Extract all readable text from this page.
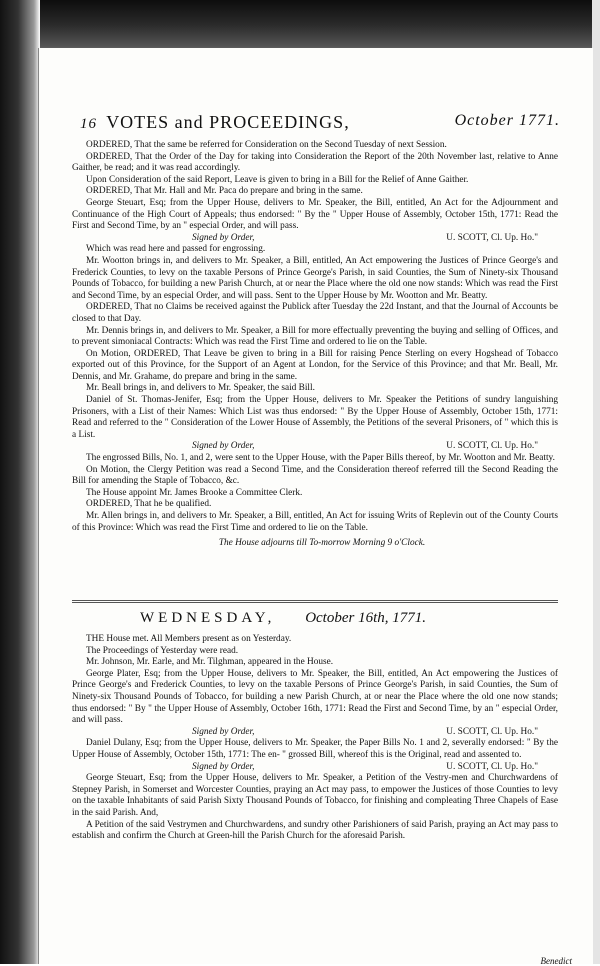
16 VOTES and PROCEEDINGS,	October 1771.

ORDERED, That the same be referred for Consideration on the Second Tuesday of next Session.

ORDERED, That the Order of the Day for taking into Consideration the Report of the 20th November last, relative to Anne Gaither, be read; and it was read accordingly.

Upon Consideration of the said Report, Leave is given to bring in a Bill for the Relief of Anne Gaither.

ORDERED, That Mr. Hall and Mr. Paca do prepare and bring in the same.

George Steuart, Esq; from the Upper House, delivers to Mr. Speaker, the Bill, entitled, An Act for the Adjournment and Continuance of the High Court of Appeals; thus endorsed: " By the " Upper House of Assembly, October 15th, 1771: Read the First and Second Time, by an " especial Order, and will pass.

Signed by Order,	U. SCOTT, Cl. Up. Ho."

Which was read here and passed for engrossing.

Mr. Wootton brings in, and delivers to Mr. Speaker, a Bill, entitled, An Act empowering the Justices of Prince George's and Frederick Counties, to levy on the taxable Persons of Prince George's Parish, in said Counties, the Sum of Ninety-six Thousand Pounds of Tobacco, for building a new Parish Church, at or near the Place where the old one now stands: Which was read the First and Second Time, by an especial Order, and will pass. Sent to the Upper House by Mr. Wootton and Mr. Beatty.

ORDERED, That no Claims be received against the Publick after Tuesday the 22d Instant, and that the Journal of Accounts be closed to that Day.

Mr. Dennis brings in, and delivers to Mr. Speaker, a Bill for more effectually preventing the buying and selling of Offices, and to prevent simoniacal Contracts: Which was read the First Time and ordered to lie on the Table.

On Motion, ORDERED, That Leave be given to bring in a Bill for raising Pence Sterling on every Hogshead of Tobacco exported out of this Province, for the Support of an Agent at London, for the Service of this Province; and that Mr. Beall, Mr. Dennis, and Mr. Grahame, do prepare and bring in the same.

Mr. Beall brings in, and delivers to Mr. Speaker, the said Bill.

Daniel of St. Thomas-Jenifer, Esq; from the Upper House, delivers to Mr. Speaker the Petitions of sundry languishing Prisoners, with a List of their Names: Which List was thus endorsed: " By the Upper House of Assembly, October 15th, 1771: Read and referred to the " Consideration of the Lower House of Assembly, the Petitions of the several Prisoners, of " which this is a List.

Signed by Order,	U. SCOTT, Cl. Up. Ho."

The engrossed Bills, No. 1, and 2, were sent to the Upper House, with the Paper Bills thereof, by Mr. Wootton and Mr. Beatty.

On Motion, the Clergy Petition was read a Second Time, and the Consideration thereof referred till the Second Reading the Bill for amending the Staple of Tobacco, &c.

The House appoint Mr. James Brooke a Committee Clerk.

ORDERED, That he be qualified.

Mr. Allen brings in, and delivers to Mr. Speaker, a Bill, entitled, An Act for issuing Writs of Replevin out of the County Courts of this Province: Which was read the First Time and ordered to lie on the Table.

The House adjourns till To-morrow Morning 9 o'Clock.

WEDNESDAY, October 16th, 1771.

THE House met. All Members present as on Yesterday.

The Proceedings of Yesterday were read.

Mr. Johnson, Mr. Earle, and Mr. Tilghman, appeared in the House.

George Plater, Esq; from the Upper House, delivers to Mr. Speaker, the Bill, entitled, An Act empowering the Justices of Prince George's and Frederick Counties, to levy on the taxable Persons of Prince George's Parish, in said Counties, the Sum of Ninety-six Thousand Pounds of Tobacco, for building a new Parish Church, at or near the Place where the old one now stands; thus endorsed: " By " the Upper House of Assembly, October 16th, 1771: Read the First and Second Time, by an " especial Order, and will pass.

Signed by Order,	U. SCOTT, Cl. Up. Ho."

Daniel Dulany, Esq; from the Upper House, delivers to Mr. Speaker, the Paper Bills No. 1 and 2, severally endorsed: " By the Upper House of Assembly, October 15th, 1771: The en- " grossed Bill, whereof this is the Original, read and assented to.

Signed by Order,	U. SCOTT, Cl. Up. Ho."

George Steuart, Esq; from the Upper House, delivers to Mr. Speaker, a Petition of the Vestry-men and Churchwardens of Stepney Parish, in Somerset and Worcester Counties, praying an Act may pass, to empower the Justices of those Counties to levy on the taxable Inhabitants of said Parish Sixty Thousand Pounds of Tobacco, for finishing and compleating Three Chapels of Ease in the said Parish. And,

A Petition of the said Vestrymen and Churchwardens, and sundry other Parishioners of said Parish, praying an Act may pass to establish and confirm the Church at Green-hill the Parish Church for the aforesaid Parish.

Benedict
